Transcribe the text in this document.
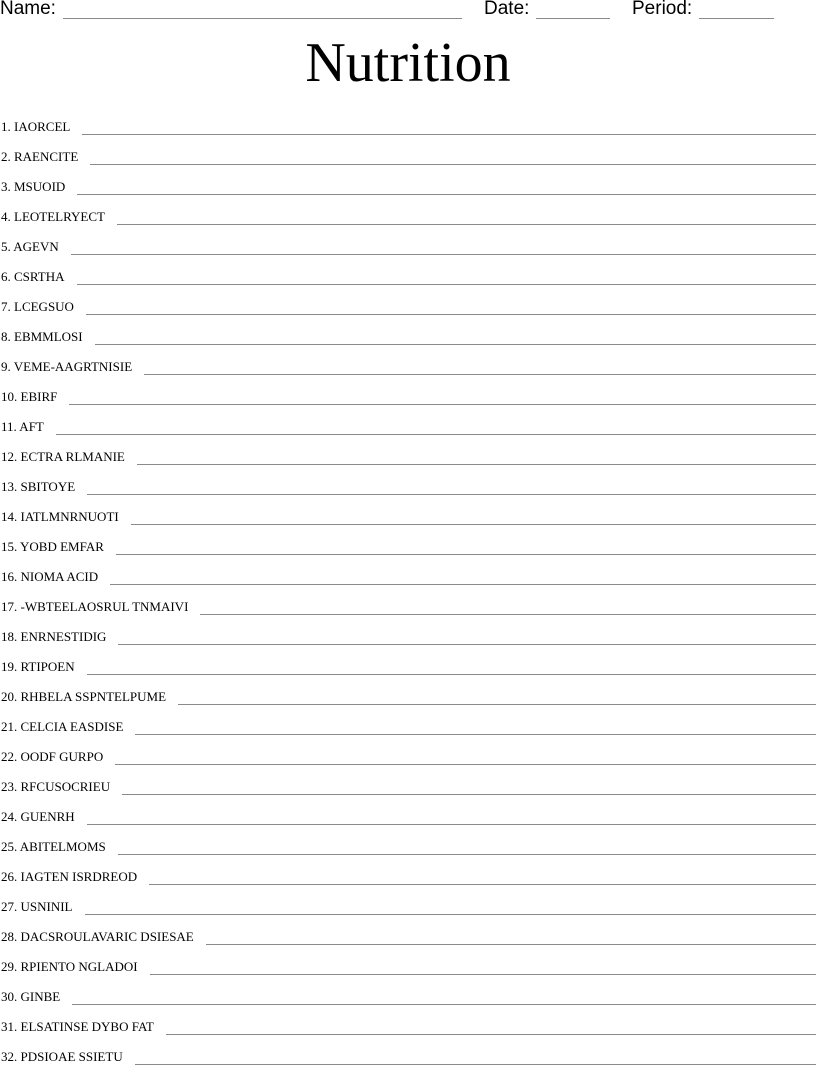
Name:	Date:	Period:
Nutrition
1. IAORCEL
2. RAENCITE
3. MSUOID
4. LEOTELRYECT
5. AGEVN
6. CSRTHA
7. LCEGSUO
8. EBMMLOSI
9. VEME-AAGRTNISIE
10. EBIRF
11. AFT
12. ECTRA RLMANIE
13. SBITOYE
14. IATLMNRNUOTI
15. YOBD EMFAR
16. NIOMA ACID
17. -WBTEELAOSRUL TNMAIVI
18. ENRNESTIDIG
19. RTIPOEN
20. RHBELA SSPNTELPUME
21. CELCIA EASDISE
22. OODF GURPO
23. RFCUSOCRIEU
24. GUENRH
25. ABITELMOMS
26. IAGTEN ISRDREOD
27. USNINIL
28. DACSROULAVARIC DSIESAE
29. RPIENTO NGLADOI
30. GINBE
31. ELSATINSE DYBO FAT
32. PDSIOAE SSIETU
